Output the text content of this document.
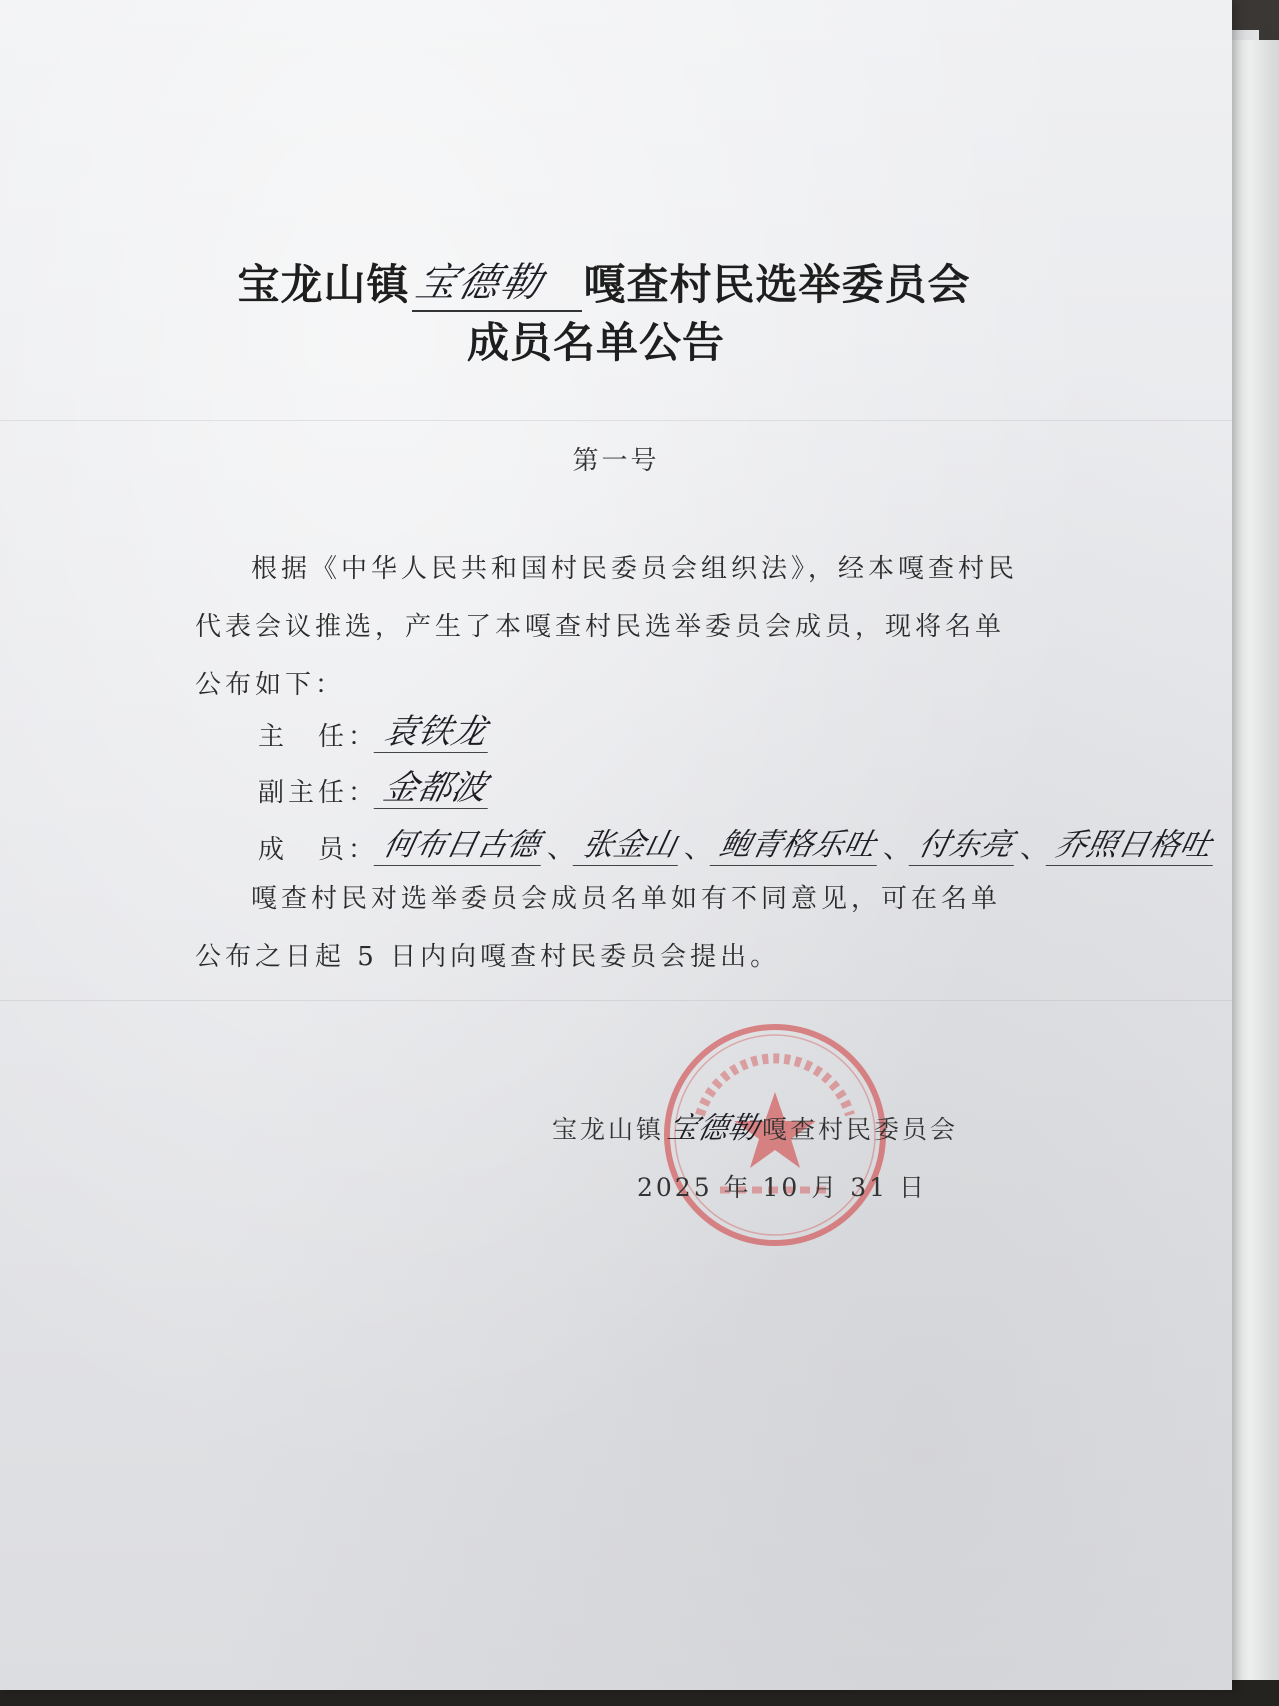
宝龙山镇 宝德勒 嘎查村民选举委员会
成员名单公告
第一号
根据《中华人民共和国村民委员会组织法》，经本嘎查村民代表会议推选，产生了本嘎查村民选举委员会成员，现将名单公布如下：
主　任： 袁铁龙
副主任： 金都波
成　员： 何布日古德 、 张金山 、 鲍青格乐吐 、 付东亮 、 乔照日格吐
嘎查村民对选举委员会成员名单如有不同意见，可在名单公布之日起 5 日内向嘎查村民委员会提出。
宝龙山镇 宝德勒 嘎查村民委员会
2025 年 10 月 31 日
